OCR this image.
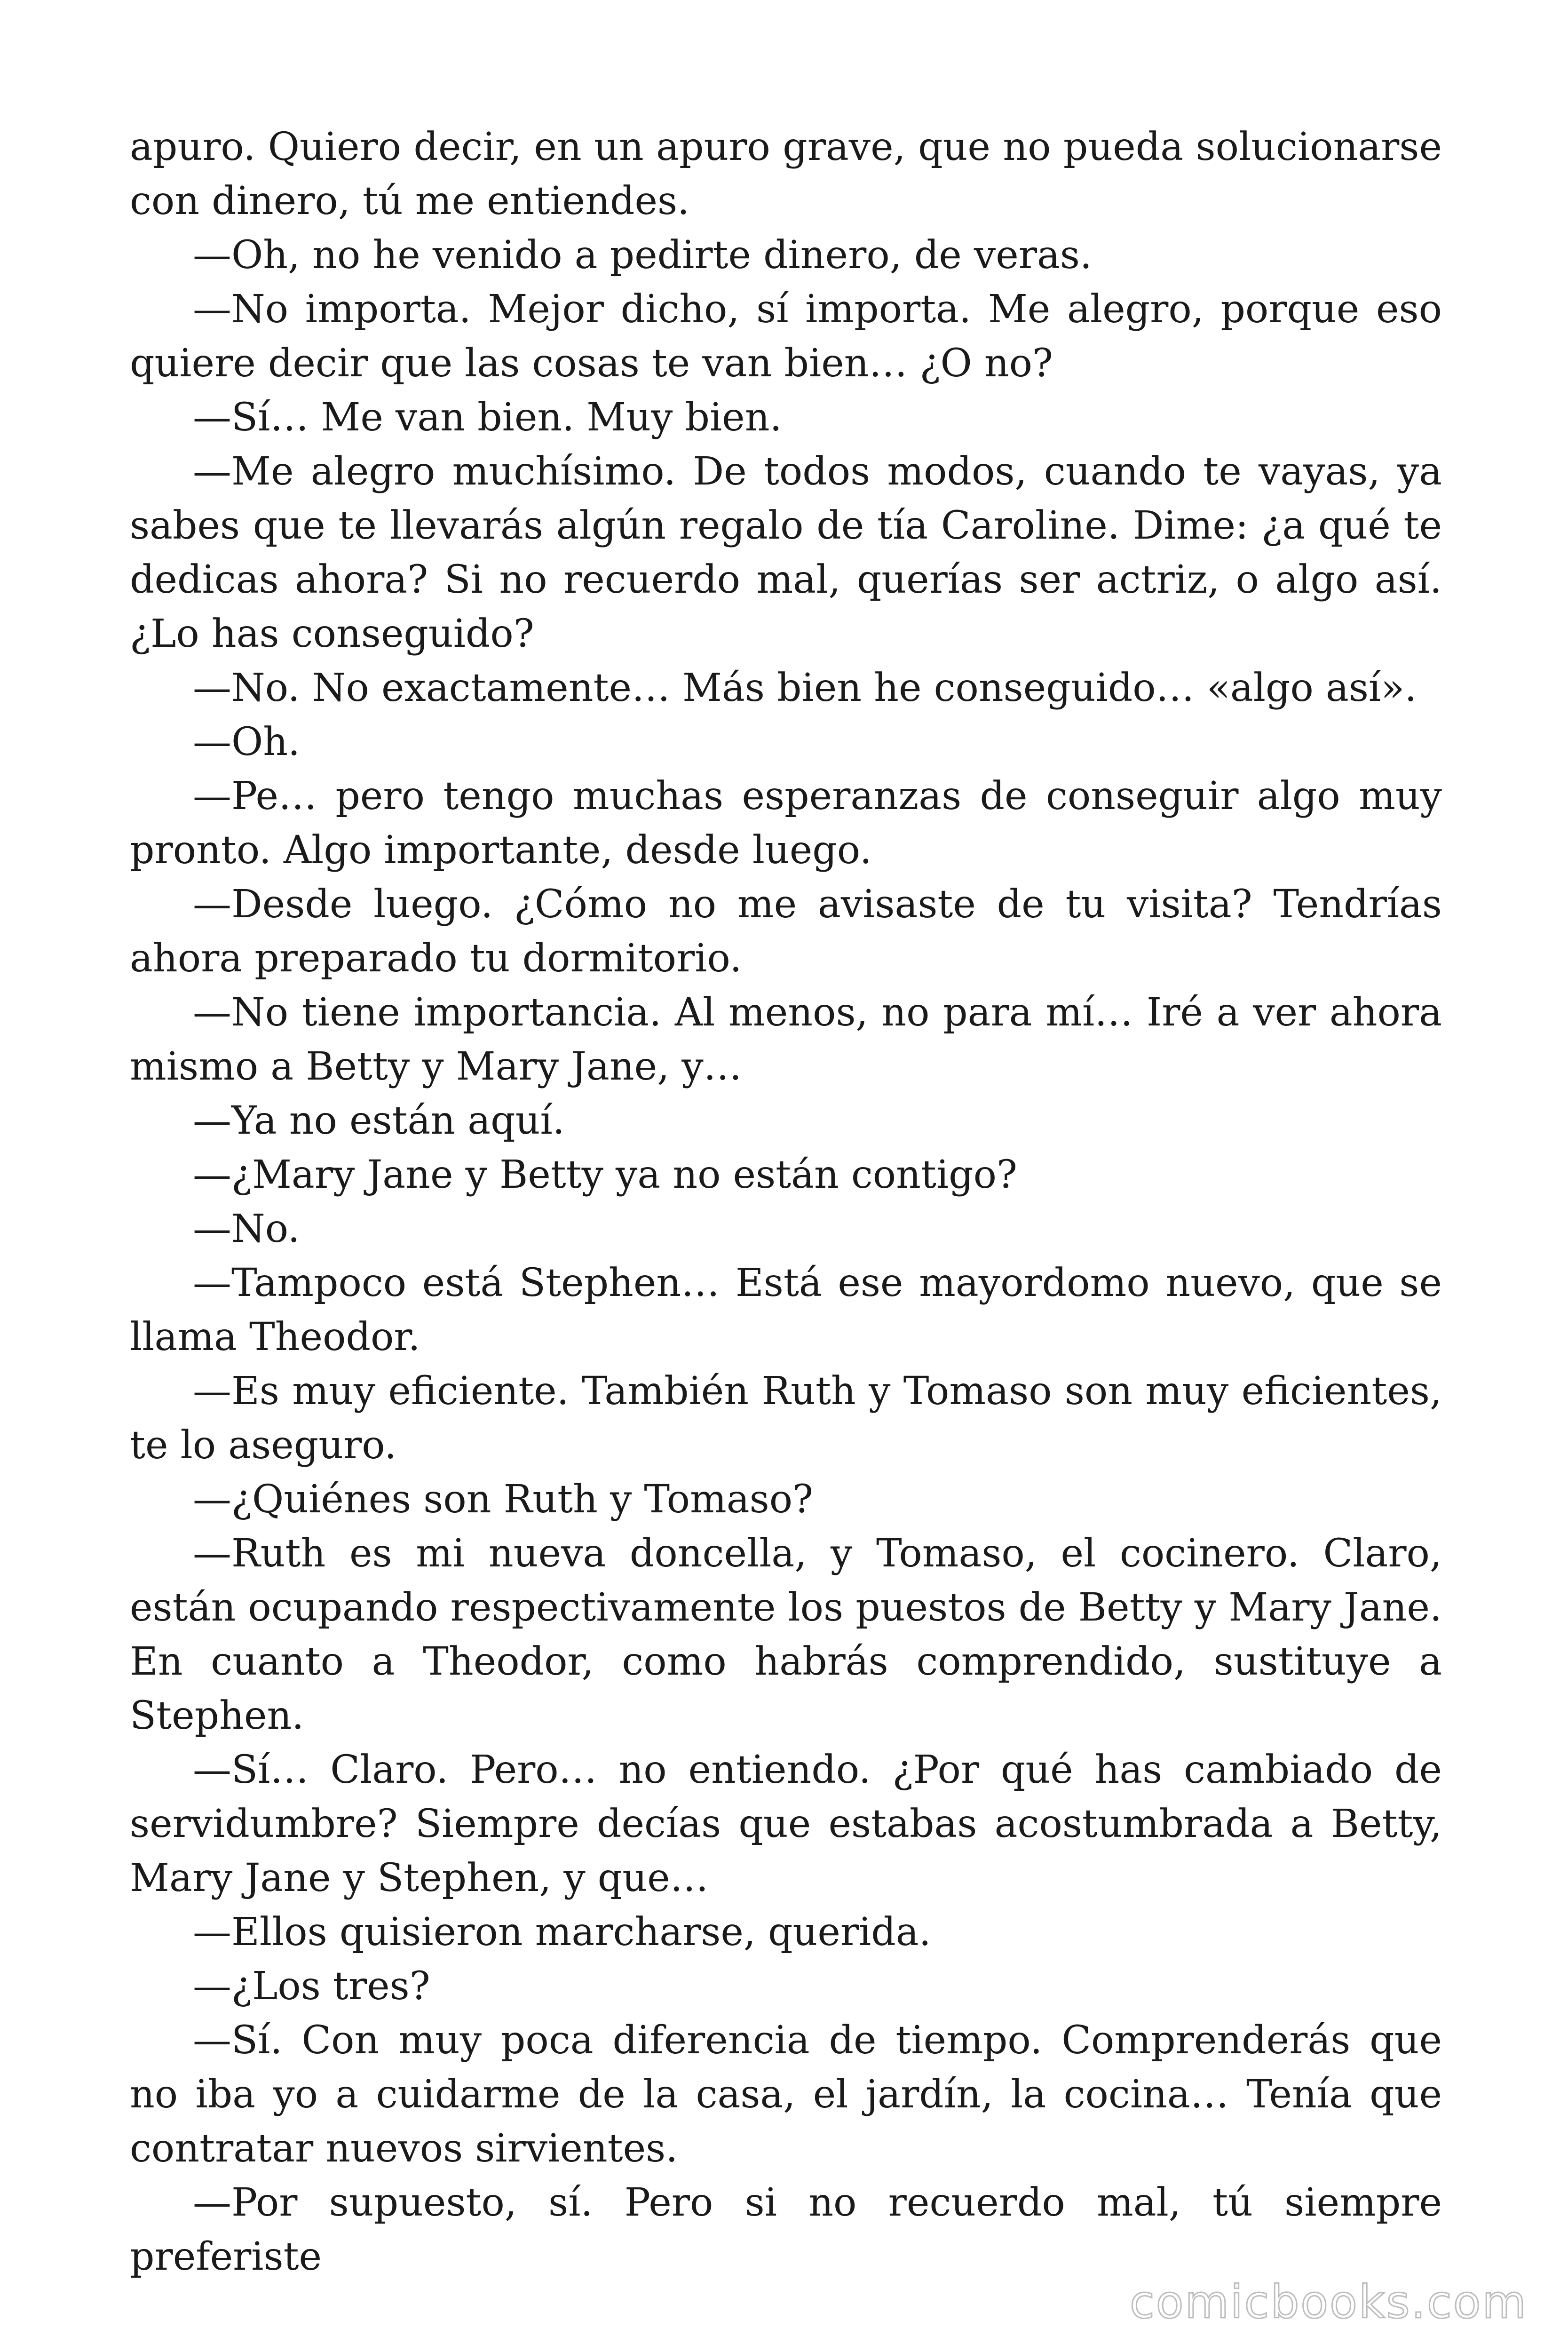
apuro. Quiero decir, en un apuro grave, que no pueda solucionarse con dinero, tú me entiendes.

—Oh, no he venido a pedirte dinero, de veras.

—No importa. Mejor dicho, sí importa. Me alegro, porque eso quiere decir que las cosas te van bien… ¿O no?

—Sí… Me van bien. Muy bien.

—Me alegro muchísimo. De todos modos, cuando te vayas, ya sabes que te llevarás algún regalo de tía Caroline. Dime: ¿a qué te dedicas ahora? Si no recuerdo mal, querías ser actriz, o algo así. ¿Lo has conseguido?

—No. No exactamente… Más bien he conseguido… «algo así».

—Oh.

—Pe… pero tengo muchas esperanzas de conseguir algo muy pronto. Algo importante, desde luego.

—Desde luego. ¿Cómo no me avisaste de tu visita? Tendrías ahora preparado tu dormitorio.

—No tiene importancia. Al menos, no para mí… Iré a ver ahora mismo a Betty y Mary Jane, y…

—Ya no están aquí.

—¿Mary Jane y Betty ya no están contigo?

—No.

—Tampoco está Stephen… Está ese mayordomo nuevo, que se llama Theodor.

—Es muy eficiente. También Ruth y Tomaso son muy eficientes, te lo aseguro.

—¿Quiénes son Ruth y Tomaso?

—Ruth es mi nueva doncella, y Tomaso, el cocinero. Claro, están ocupando respectivamente los puestos de Betty y Mary Jane. En cuanto a Theodor, como habrás comprendido, sustituye a Stephen.

—Sí… Claro. Pero… no entiendo. ¿Por qué has cambiado de servidumbre? Siempre decías que estabas acostumbrada a Betty, Mary Jane y Stephen, y que…

—Ellos quisieron marcharse, querida.

—¿Los tres?

—Sí. Con muy poca diferencia de tiempo. Comprenderás que no iba yo a cuidarme de la casa, el jardín, la cocina… Tenía que contratar nuevos sirvientes.

—Por supuesto, sí. Pero si no recuerdo mal, tú siempre preferiste

comicbooks.com
